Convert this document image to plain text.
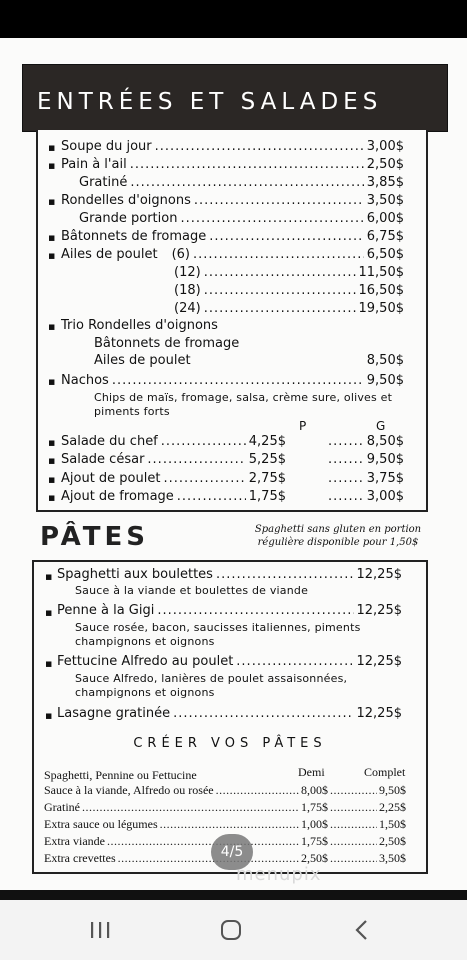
ENTRÉES ET SALADES
▪ Soupe du jour .....	3,00$
▪ Pain à l'ail .....	2,50$
Gratiné .....	3,85$
▪ Rondelles d'oignons .....	3,50$
Grande portion .....	6,00$
▪ Bâtonnets de fromage .....	6,75$
▪ Ailes de poulet (6) .....	6,50$
(12) .....	11,50$
(18) .....	16,50$
(24) .....	19,50$
▪ Trio Rondelles d'oignons
Bâtonnets de fromage
Ailes de poulet	8,50$
▪ Nachos .....	9,50$
Chips de maïs, fromage, salsa, crème sure, olives et
piments forts
P	G
▪ Salade du chef .....	4,25$ .....	8,50$
▪ Salade césar .....	5,25$ .....	9,50$
▪ Ajout de poulet .....	2,75$ .....	3,75$
▪ Ajout de fromage .....	1,75$ .....	3,00$
PÂTES	Spaghetti sans gluten en portion
régulière disponible pour 1,50$
▪ Spaghetti aux boulettes .....	12,25$
Sauce à la viande et boulettes de viande
▪ Penne à la Gigi .....	12,25$
Sauce rosée, bacon, saucisses italiennes, piments
champignons et oignons
▪ Fettucine Alfredo au poulet .....	12,25$
Sauce Alfredo, lanières de poulet assaisonnées,
champignons et oignons
▪ Lasagne gratinée .....	12,25$
CRÉER VOS PÂTES
Spaghetti, Pennine ou Fettucine	Demi	Complet
Sauce à la viande, Alfredo ou rosée .....	8,00$ .....	9,50$
Gratiné .....	1,75$ .....	2,25$
Extra sauce ou légumes .....	1,00$ .....	1,50$
Extra viande .....	1,75$ .....	2,50$
Extra crevettes .....	2,50$ .....	3,50$
4/5
menupix
